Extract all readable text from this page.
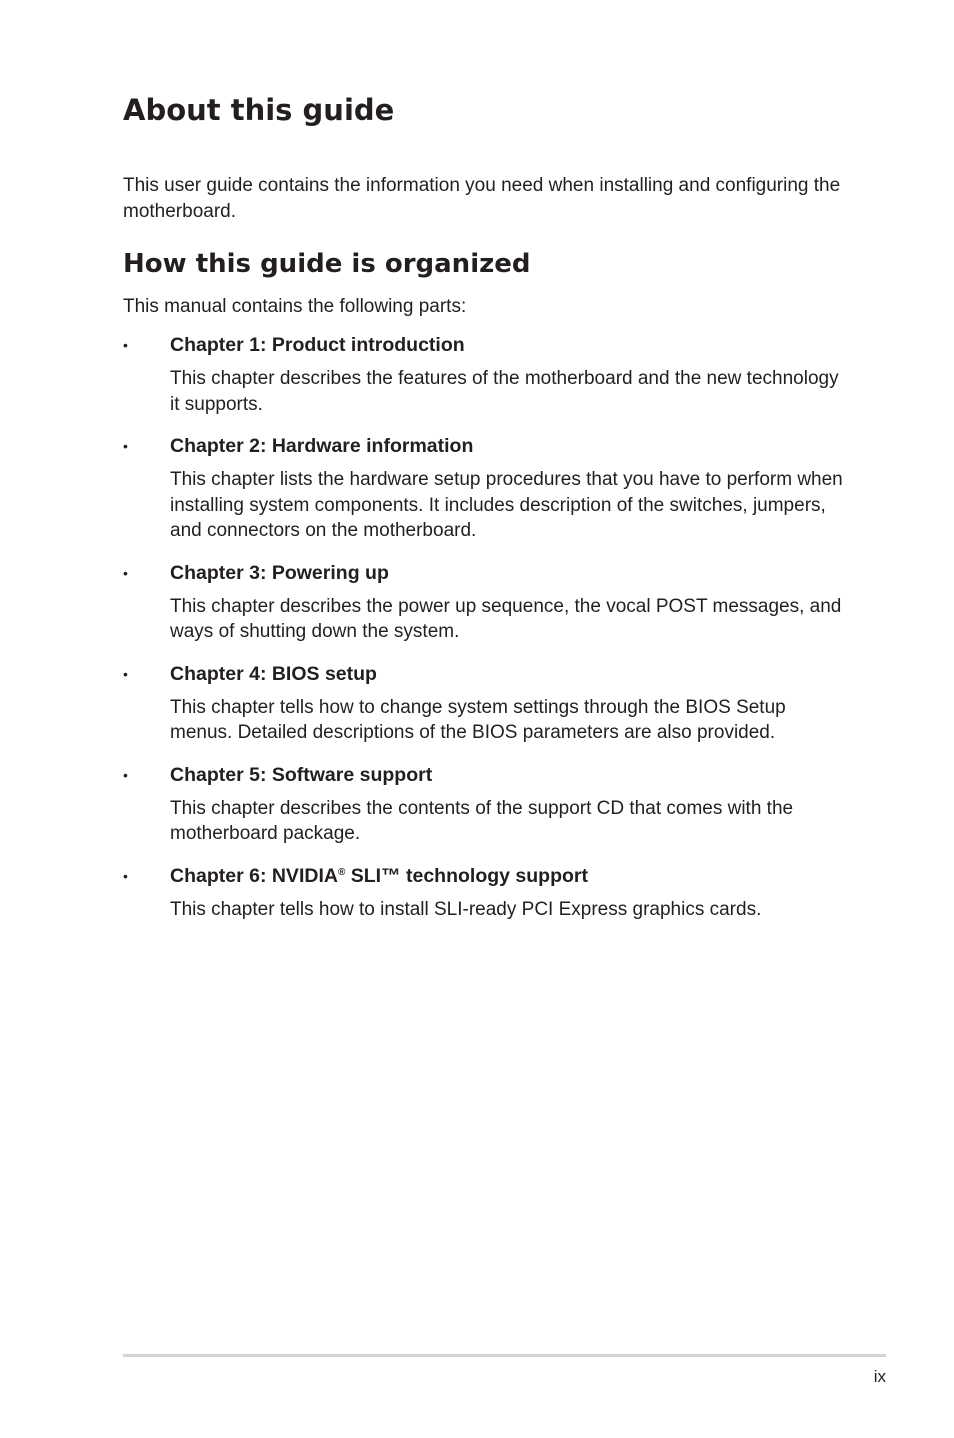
About this guide

This user guide contains the information you need when installing and configuring the motherboard.

How this guide is organized

This manual contains the following parts:

• Chapter 1: Product introduction
This chapter describes the features of the motherboard and the new technology it supports.
• Chapter 2: Hardware information
This chapter lists the hardware setup procedures that you have to perform when installing system components. It includes description of the switches, jumpers, and connectors on the motherboard.
• Chapter 3: Powering up
This chapter describes the power up sequence, the vocal POST messages, and ways of shutting down the system.
• Chapter 4: BIOS setup
This chapter tells how to change system settings through the BIOS Setup menus. Detailed descriptions of the BIOS parameters are also provided.
• Chapter 5: Software support
This chapter describes the contents of the support CD that comes with the motherboard package.
• Chapter 6: NVIDIA® SLI™ technology support
This chapter tells how to install SLI-ready PCI Express graphics cards.
ix
